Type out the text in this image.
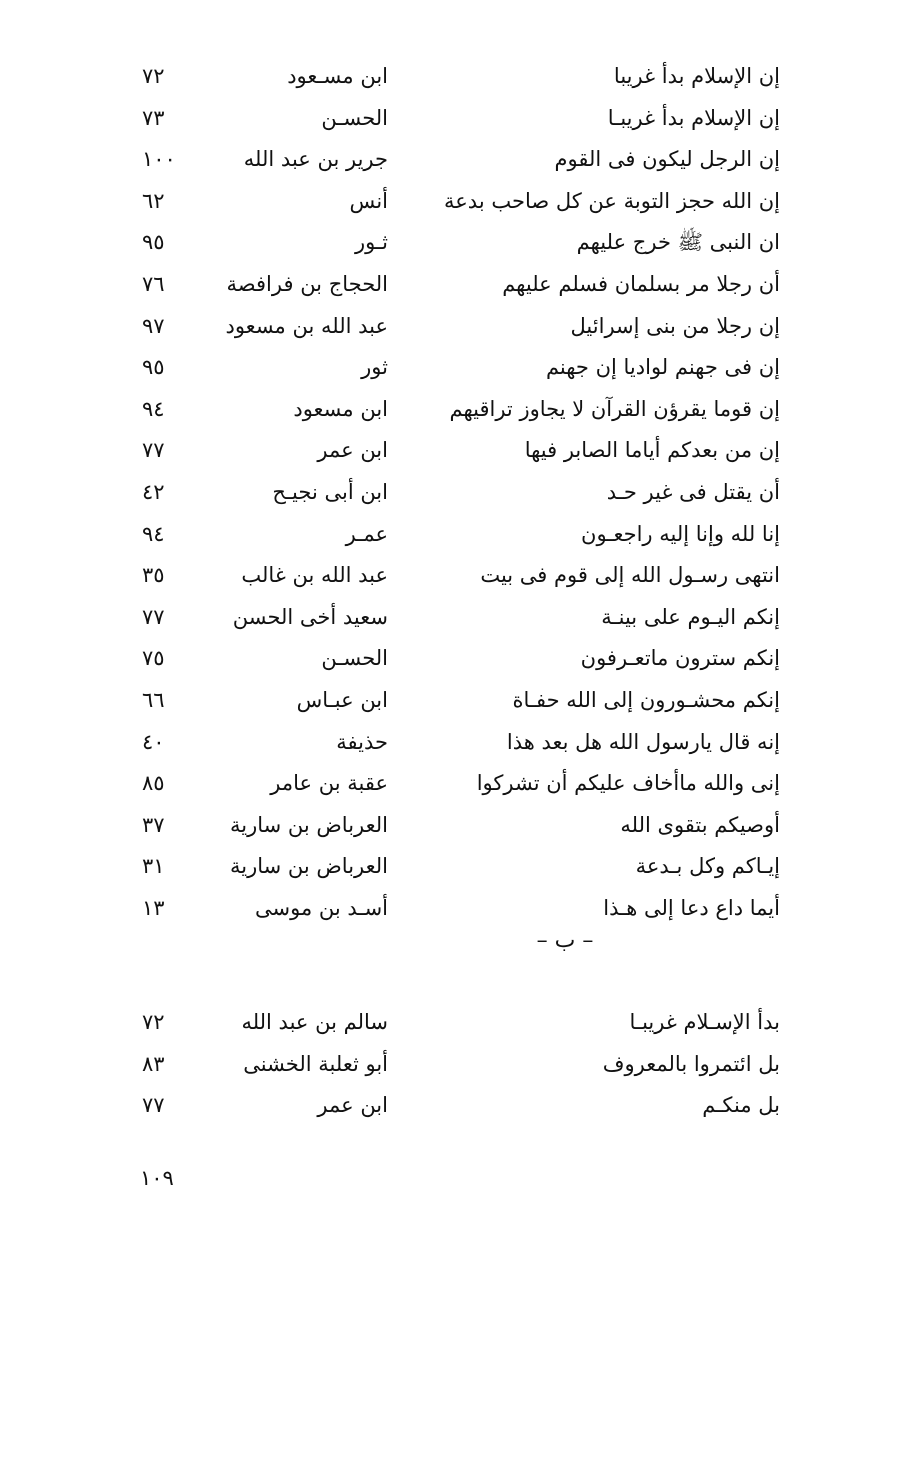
إن الإسلام بدأ غريبا
ابن مسـعود
٧٢
إن الإسلام بدأ غريبـا
الحسـن
٧٣
إن الرجل ليكون فى القوم
جرير بن عبد الله
١٠٠
إن الله حجز التوبة عن كل صاحب بدعة
أنس
٦٢
ان النبى ﷺ خرج عليهم
ثـور
٩٥
أن رجلا مر بسلمان فسلم عليهم
الحجاج بن فرافصة
٧٦
إن رجلا من بنى إسرائيل
عبد الله بن مسعود
٩٧
إن فى جهنم لواديا إن جهنم
ثور
٩٥
إن قوما يقرؤن القرآن لا يجاوز تراقيهم
ابن مسعود
٩٤
إن من بعدكم أياما الصابر فيها
ابن عمر
٧٧
أن يقتل فى غير حـد
ابن أبى نجيـح
٤٢
إنا لله وإنا إليه راجعـون
عمـر
٩٤
انتهى رسـول الله إلى قوم فى بيت
عبد الله بن غالب
٣٥
إنكم اليـوم على بينـة
سعيد أخى الحسن
٧٧
إنكم سترون ماتعـرفون
الحسـن
٧٥
إنكم محشـورون إلى الله حفـاة
ابن عبـاس
٦٦
إنه قال يارسول الله هل بعد هذا
حذيفة
٤٠
إنى والله ماأخاف عليكم أن تشركوا
عقبة بن عامر
٨٥
أوصيكم بتقوى الله
العرباض بن سارية
٣٧
إيـاكم وكل بـدعة
العرباض بن سارية
٣١
أيما داع دعا إلى هـذا
أسـد بن موسى
١٣
– ب –
بدأ الإسـلام غريبـا
سالم بن عبد الله
٧٢
بل ائتمروا بالمعروف
أبو ثعلبة الخشنى
٨٣
بل منكـم
ابن عمر
٧٧
١٠٩
